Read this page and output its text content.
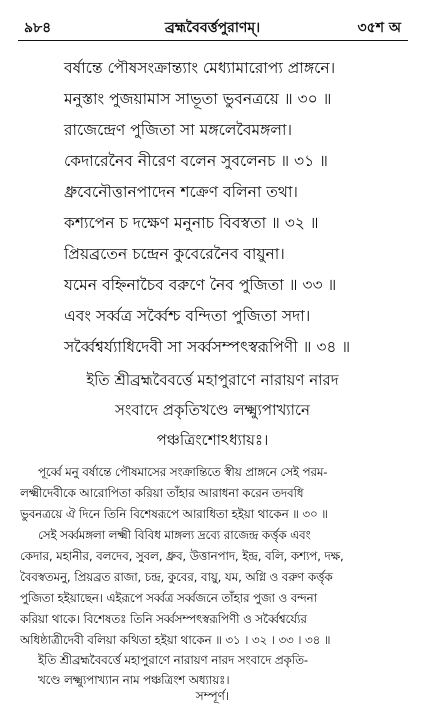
ব্রহ্মবৈবর্ত্তপুরাণম্।
৯৮৪	৩৫শ অ
বর্ষান্তে পৌষসংক্রান্ত্যাং মেধ্যামারোপ্য প্রাঙ্গনে।
মনুস্তাং পুজয়ামাস সাভূতা ভুবনত্রয়ে ॥ ৩০ ॥
রাজেন্দ্রেণ পুজিতা সা মঙ্গলেবৈমঙ্গলা।
কেদারেনৈব নীরেণ বলেন সুবলেনচ ॥ ৩১ ॥
ধ্রুবেনৌত্তানপাদেন শক্রেণ বলিনা তথা।
কশ্যপেন চ দক্ষেণ মনুনাচ বিবস্বতা ॥ ৩২ ॥
প্রিয়ব্রতেন চন্দ্রেন কুবেরেনৈব বায়ুনা।
যমেন বহ্নিনাচৈব বরুণে নৈব পুজিতা ॥ ৩৩ ॥
এবং সর্ব্বত্র সর্ব্বৈশ্চ বন্দিতা পুজিতা সদা।
সর্ব্বৈশ্বর্য্যাধিদেবী সা সর্ব্বসম্পৎস্বরূপিণী ॥ ৩৪ ॥
ইতি শ্রীব্রহ্মবৈবর্ত্তে মহাপুরাণে নারায়ণ নারদ
সংবাদে প্রকৃতিখণ্ডে লক্ষ্ম্যুপাখ্যানে
পঞ্চত্রিংশোঽধ্যায়ঃ।
পূর্ব্বে মনু বর্ষান্তে পৌষমাসের সংক্রান্তিতে স্বীয় প্রাঙ্গনে সেই পরম-
লক্ষ্মীদেবীকে আরোপিতা করিয়া তাঁহার আরাধনা করেন তদবধি
ভুবনত্রয়ে ঐ দিনে তিনি বিশেষরূপে আরাধিতা হইয়া থাকেন ॥ ৩০ ॥
সেই সর্ব্বমঙ্গলা লক্ষ্মী বিবিধ মাঙ্গল্য দ্রব্যে রাজেন্দ্র কর্ত্তৃক এবং
কেদার, মহানীর, বলদেব, সুবল, ধ্রুব, উত্তানপাদ, ইন্দ্র, বলি, কশ্যপ, দক্ষ,
বৈবস্বতমনু, প্রিয়ব্রত রাজা, চন্দ্র, কুবের, বায়ু, যম, অগ্নি ও বরুণ কর্ত্তৃক
পুজিতা হইয়াছেন। এইরূপে সর্ব্বত্র সর্ব্বজনে তাঁহার পুজা ও বন্দনা
করিয়া থাকে। বিশেষতঃ তিনি সর্ব্বসম্পৎস্বরূপিণী ও সর্ব্বৈশ্বর্য্যের
অধিষ্ঠাত্রীদেবী বলিয়া কথিতা হইয়া থাকেন ॥ ৩১ । ৩২ । ৩৩ । ৩৪ ॥
ইতি শ্রীব্রহ্মবৈবর্ত্তে মহাপুরাণে নারায়ণ নারদ সংবাদে প্রকৃতি-
খণ্ডে লক্ষ্ম্যুপাখ্যান নাম পঞ্চত্রিংশ অধ্যায়ঃ।
সম্পূর্ণ।
